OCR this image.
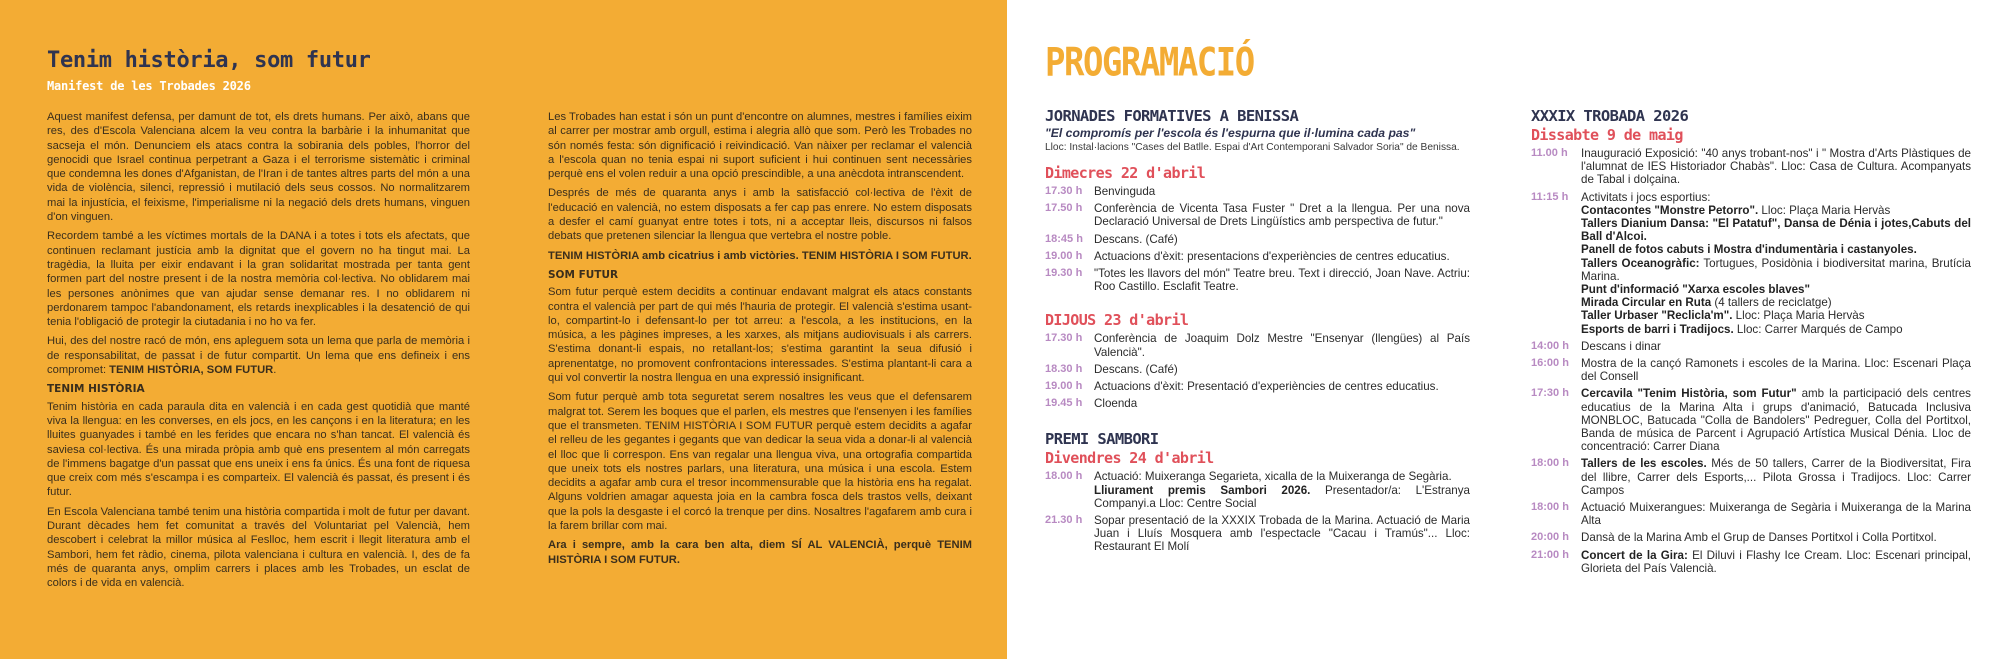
Tenim història, som futur
Manifest de les Trobades 2026

Aquest manifest defensa, per damunt de tot, els drets humans. Per això, abans que res, des d'Escola Valenciana alcem la veu contra la barbàrie i la inhumanitat que sacseja el món. Denunciem els atacs contra la sobirania dels pobles, l'horror del genocidi que Israel continua perpetrant a Gaza i el terrorisme sistemàtic i criminal que condemna les dones d'Afganistan, de l'Iran i de tantes altres parts del món a una vida de violència, silenci, repressió i mutilació dels seus cossos. No normalitzarem mai la injustícia, el feixisme, l'imperialisme ni la negació dels drets humans, vinguen d'on vinguen.

Recordem també a les víctimes mortals de la DANA i a totes i tots els afectats, que continuen reclamant justícia amb la dignitat que el govern no ha tingut mai. La tragèdia, la lluita per eixir endavant i la gran solidaritat mostrada per tanta gent formen part del nostre present i de la nostra memòria col·lectiva. No oblidarem mai les persones anònimes que van ajudar sense demanar res. I no oblidarem ni perdonarem tampoc l'abandonament, els retards inexplicables i la desatenció de qui tenia l'obligació de protegir la ciutadania i no ho va fer.

Hui, des del nostre racó de món, ens apleguem sota un lema que parla de memòria i de responsabilitat, de passat i de futur compartit. Un lema que ens defineix i ens compromet: TENIM HISTÒRIA, SOM FUTUR.

TENIM HISTÒRIA

Tenim història en cada paraula dita en valencià i en cada gest quotidià que manté viva la llengua: en les converses, en els jocs, en les cançons i en la literatura; en les lluites guanyades i també en les ferides que encara no s'han tancat. El valencià és saviesa col·lectiva. És una mirada pròpia amb què ens presentem al món carregats de l'immens bagatge d'un passat que ens uneix i ens fa únics. És una font de riquesa que creix com més s'escampa i es comparteix. El valencià és passat, és present i és futur.

En Escola Valenciana també tenim una història compartida i molt de futur per davant. Durant dècades hem fet comunitat a través del Voluntariat pel Valencià, hem descobert i celebrat la millor música al Feslloc, hem escrit i llegit literatura amb el Sambori, hem fet ràdio, cinema, pilota valenciana i cultura en valencià. I, des de fa més de quaranta anys, omplim carrers i places amb les Trobades, un esclat de colors i de vida en valencià.

Les Trobades han estat i són un punt d'encontre on alumnes, mestres i famílies eixim al carrer per mostrar amb orgull, estima i alegria allò que som. Però les Trobades no són només festa: són dignificació i reivindicació. Van nàixer per reclamar el valencià a l'escola quan no tenia espai ni suport suficient i hui continuen sent necessàries perquè ens el volen reduir a una opció prescindible, a una anècdota intranscendent.

Després de més de quaranta anys i amb la satisfacció col·lectiva de l'èxit de l'educació en valencià, no estem disposats a fer cap pas enrere. No estem disposats a desfer el camí guanyat entre totes i tots, ni a acceptar lleis, discursos ni falsos debats que pretenen silenciar la llengua que vertebra el nostre poble.

TENIM HISTÒRIA amb cicatrius i amb victòries. TENIM HISTÒRIA I SOM FUTUR.

SOM FUTUR

Som futur perquè estem decidits a continuar endavant malgrat els atacs constants contra el valencià per part de qui més l'hauria de protegir. El valencià s'estima usant-lo, compartint-lo i defensant-lo per tot arreu: a l'escola, a les institucions, en la música, a les pàgines impreses, a les xarxes, als mitjans audiovisuals i als carrers. S'estima donant-li espais, no retallant-los; s'estima garantint la seua difusió i aprenentatge, no promovent confrontacions interessades. S'estima plantant-li cara a qui vol convertir la nostra llengua en una expressió insignificant.

Som futur perquè amb tota seguretat serem nosaltres les veus que el defensarem malgrat tot. Serem les boques que el parlen, els mestres que l'ensenyen i les famílies que el transmeten. TENIM HISTÒRIA I SOM FUTUR perquè estem decidits a agafar el relleu de les gegantes i gegants que van dedicar la seua vida a donar-li al valencià el lloc que li correspon. Ens van regalar una llengua viva, una ortografia compartida que uneix tots els nostres parlars, una literatura, una música i una escola. Estem decidits a agafar amb cura el tresor incommensurable que la història ens ha regalat. Alguns voldrien amagar aquesta joia en la cambra fosca dels trastos vells, deixant que la pols la desgaste i el corcó la trenque per dins. Nosaltres l'agafarem amb cura i la farem brillar com mai.

Ara i sempre, amb la cara ben alta, diem SÍ AL VALENCIÀ, perquè TENIM HISTÒRIA I SOM FUTUR.

PROGRAMACIÓ
JORNADES FORMATIVES A BENISSA
"El compromís per l'escola és l'espurna que il·lumina cada pas"
Lloc: Instal·lacions "Cases del Batlle. Espai d'Art Contemporani Salvador Soria" de Benissa.
Dimecres 22 d'abril
17.30 h	Benvinguda
17.50 h	Conferència de Vicenta Tasa Fuster " Dret a la llengua. Per una nova Declaració Universal de Drets Lingüístics amb perspectiva de futur."
18:45 h Descans. (Café)
19.00 h	Actuacions d'èxit: presentacions d'experiències de centres educatius.
19.30 h	"Totes les llavors del món" Teatre breu. Text i direcció, Joan Nave. Actriu: Roo Castillo. Esclafit Teatre.
DIJOUS 23 d'abril
17.30 h	Conferència de Joaquim Dolz Mestre "Ensenyar (llengües) al País Valencià".
18.30 h	Descans. (Café)
19.00 h	Actuacions d'èxit: Presentació d'experiències de centres educatius.
19.45 h	Cloenda
PREMI SAMBORI
Divendres 24 d'abril
18.00 h	Actuació: Muixeranga Segarieta, xicalla de la Muixeranga de Segària.
Lliurament premis Sambori 2026. Presentador/a: L'Estranya Companyi.a Lloc: Centre Social
21.30 h	Sopar presentació de la XXXIX Trobada de la Marina. Actuació de Maria Juan i Lluís Mosquera amb l'espectacle "Cacau i Tramús"... Lloc: Restaurant El Molí
XXXIX TROBADA 2026
Dissabte 9 de maig
11.00 h	Inauguració Exposició: "40 anys trobant-nos" i " Mostra d'Arts Plàstiques de l'alumnat de IES Historiador Chabàs". Lloc: Casa de Cultura. Acompanyats de Tabal i dolçaina.
11:15 h	Activitats i jocs esportius:
Contacontes "Monstre Petorro". Lloc: Plaça Maria Hervàs
Tallers Dianium Dansa: "El Patatuf", Dansa de Dénia i jotes,Cabuts del Ball d'Alcoi.
Panell de fotos cabuts i Mostra d'indumentària i castanyoles.
Tallers Oceanogràfic: Tortugues, Posidònia i biodiversitat marina, Brutícia Marina.
Punt d'informació "Xarxa escoles blaves"
Mirada Circular en Ruta (4 tallers de reciclatge)
Taller Urbaser "Reclicla'm". Lloc: Plaça Maria Hervàs
Esports de barri i Tradijocs. Lloc: Carrer Marqués de Campo
14:00 h	Descans i dinar
16:00 h	Mostra de la cançó Ramonets i escoles de la Marina. Lloc: Escenari Plaça del Consell
17:30 h	Cercavila "Tenim Història, som Futur" amb la participació dels centres educatius de la Marina Alta i grups d'animació, Batucada Inclusiva MONBLOC, Batucada "Colla de Bandolers" Pedreguer, Colla del Portitxol, Banda de música de Parcent i Agrupació Artística Musical Dénia. Lloc de concentració: Carrer Diana
18:00 h	Tallers de les escoles. Més de 50 tallers, Carrer de la Biodiversitat, Fira del llibre, Carrer dels Esports,... Pilota Grossa i Tradijocs. Lloc: Carrer Campos
18:00 h	Actuació Muixerangues: Muixeranga de Segària i Muixeranga de la Marina Alta
20:00 h	Dansà de la Marina Amb el Grup de Danses Portitxol i Colla Portitxol.
21:00 h	Concert de la Gira: El Diluvi i Flashy Ice Cream. Lloc: Escenari principal, Glorieta del País Valencià.
